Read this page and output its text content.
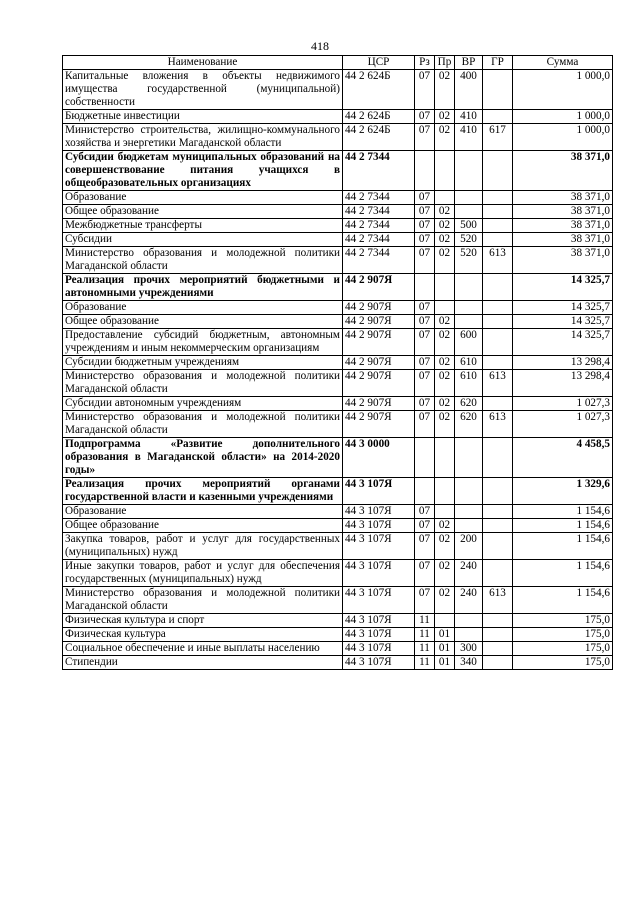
418
Наименование	ЦСР	Рз	Пр	ВР	ГР	Сумма
Капитальные вложения в объекты недвижимого имущества государственной (муниципальной) собственности	44 2 624Б	07	02	400		1 000,0
Бюджетные инвестиции	44 2 624Б	07	02	410		1 000,0
Министерство строительства, жилищно-коммунального хозяйства и энергетики Магаданской области	44 2 624Б	07	02	410	617	1 000,0
Субсидии бюджетам муниципальных образований на совершенствование питания учащихся в общеобразовательных организациях	44 2 7344					38 371,0
Образование	44 2 7344	07				38 371,0
Общее образование	44 2 7344	07	02			38 371,0
Межбюджетные трансферты	44 2 7344	07	02	500		38 371,0
Субсидии	44 2 7344	07	02	520		38 371,0
Министерство образования и молодежной политики Магаданской области	44 2 7344	07	02	520	613	38 371,0
Реализация прочих мероприятий бюджетными и автономными учреждениями	44 2 907Я					14 325,7
Образование	44 2 907Я	07				14 325,7
Общее образование	44 2 907Я	07	02			14 325,7
Предоставление субсидий бюджетным, автономным учреждениям и иным некоммерческим организациям	44 2 907Я	07	02	600		14 325,7
Субсидии бюджетным учреждениям	44 2 907Я	07	02	610		13 298,4
Министерство образования и молодежной политики Магаданской области	44 2 907Я	07	02	610	613	13 298,4
Субсидии автономным учреждениям	44 2 907Я	07	02	620		1 027,3
Министерство образования и молодежной политики Магаданской области	44 2 907Я	07	02	620	613	1 027,3
Подпрограмма «Развитие дополнительного образования в Магаданской области» на 2014-2020 годы»	44 3 0000					4 458,5
Реализация прочих мероприятий органами государственной власти и казенными учреждениями	44 3 107Я					1 329,6
Образование	44 3 107Я	07				1 154,6
Общее образование	44 3 107Я	07	02			1 154,6
Закупка товаров, работ и услуг для государственных (муниципальных) нужд	44 3 107Я	07	02	200		1 154,6
Иные закупки товаров, работ и услуг для обеспечения государственных (муниципальных) нужд	44 3 107Я	07	02	240		1 154,6
Министерство образования и молодежной политики Магаданской области	44 3 107Я	07	02	240	613	1 154,6
Физическая культура и спорт	44 3 107Я	11				175,0
Физическая культура	44 3 107Я	11	01			175,0
Социальное обеспечение и иные выплаты населению	44 3 107Я	11	01	300		175,0
Стипендии	44 3 107Я	11	01	340		175,0
